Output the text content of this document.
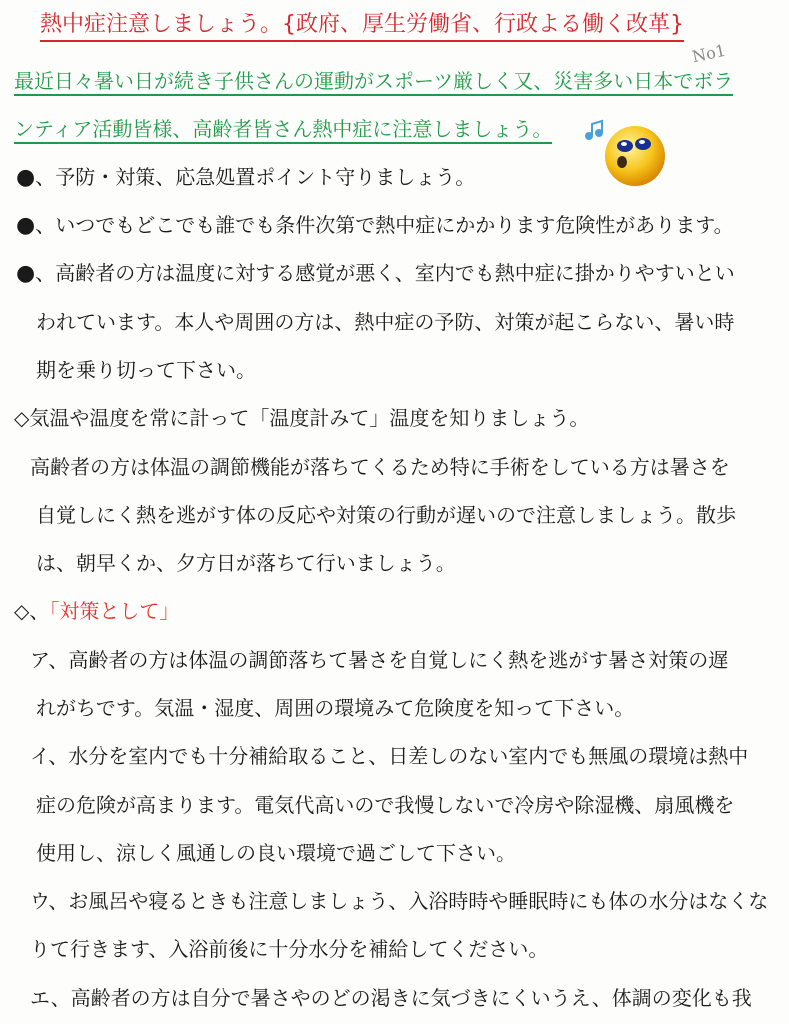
熱中症注意しましょう。{政府、厚生労働省、行政よる働く改革}
No1
最近日々暑い日が続き子供さんの運動がスポーツ厳しく又、災害多い日本でボラ
ンティア活動皆様、高齢者皆さん熱中症に注意しましょう。
●、予防・対策、応急処置ポイント守りましょう。
●、いつでもどこでも誰でも条件次第で熱中症にかかります危険性があります。
●、高齢者の方は温度に対する感覚が悪く、室内でも熱中症に掛かりやすいとい
われています。本人や周囲の方は、熱中症の予防、対策が起こらない、暑い時
期を乗り切って下さい。
◇気温や温度を常に計って「温度計みて」温度を知りましょう。
高齢者の方は体温の調節機能が落ちてくるため特に手術をしている方は暑さを
自覚しにく熱を逃がす体の反応や対策の行動が遅いので注意しましょう。散歩
は、朝早くか、夕方日が落ちて行いましょう。
◇、「対策として」
ア、高齢者の方は体温の調節落ちて暑さを自覚しにく熱を逃がす暑さ対策の遅
れがちです。気温・湿度、周囲の環境みて危険度を知って下さい。
イ、水分を室内でも十分補給取ること、日差しのない室内でも無風の環境は熱中
症の危険が高まります。電気代高いので我慢しないで冷房や除湿機、扇風機を
使用し、涼しく風通しの良い環境で過ごして下さい。
ウ、お風呂や寝るときも注意しましょう、入浴時時や睡眠時にも体の水分はなくな
りて行きます、入浴前後に十分水分を補給してください。
エ、高齢者の方は自分で暑さやのどの渇きに気づきにくいうえ、体調の変化も我
